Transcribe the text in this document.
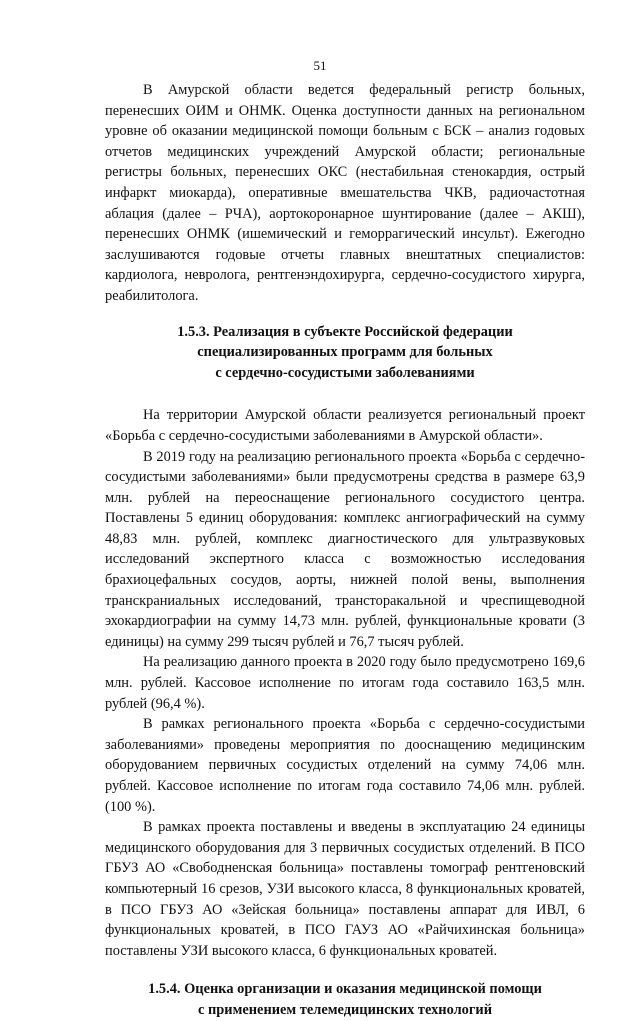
51

В Амурской области ведется федеральный регистр больных, перенесших ОИМ и ОНМК. Оценка доступности данных на региональном уровне об оказании медицинской помощи больным с БСК – анализ годовых отчетов медицинских учреждений Амурской области; региональные регистры больных, перенесших ОКС (нестабильная стенокардия, острый инфаркт миокарда), оперативные вмешательства ЧКВ, радиочастотная аблация (далее – РЧА), аортокоронарное шунтирование (далее – АКШ), перенесших ОНМК (ишемический и геморрагический инсульт). Ежегодно заслушиваются годовые отчеты главных внештатных специалистов: кардиолога, невролога, рентгенэндохирурга, сердечно-сосудистого хирурга, реабилитолога.

1.5.3. Реализация в субъекте Российской федерации
специализированных программ для больных
с сердечно-сосудистыми заболеваниями

На территории Амурской области реализуется региональный проект «Борьба с сердечно-сосудистыми заболеваниями в Амурской области».

В 2019 году на реализацию регионального проекта «Борьба с сердечно-сосудистыми заболеваниями» были предусмотрены средства в размере 63,9 млн. рублей на переоснащение регионального сосудистого центра. Поставлены 5 единиц оборудования: комплекс ангиографический на сумму 48,83 млн. рублей, комплекс диагностического для ультразвуковых исследований экспертного класса с возможностью исследования брахиоцефальных сосудов, аорты, нижней полой вены, выполнения транскраниальных исследований, трансторакальной и чреспищеводной эхокардиографии на сумму 14,73 млн. рублей, функциональные кровати (3 единицы) на сумму 299 тысяч рублей и 76,7 тысяч рублей.

На реализацию данного проекта в 2020 году было предусмотрено 169,6 млн. рублей. Кассовое исполнение по итогам года составило 163,5 млн. рублей (96,4 %).

В рамках регионального проекта «Борьба с сердечно-сосудистыми заболеваниями» проведены мероприятия по дооснащению медицинским оборудованием первичных сосудистых отделений на сумму 74,06 млн. рублей. Кассовое исполнение по итогам года составило 74,06 млн. рублей. (100 %).

В рамках проекта поставлены и введены в эксплуатацию 24 единицы медицинского оборудования для 3 первичных сосудистых отделений. В ПСО ГБУЗ АО «Свободненская больница» поставлены томограф рентгеновский компьютерный 16 срезов, УЗИ высокого класса, 8 функциональных кроватей, в ПСО ГБУЗ АО «Зейская больница» поставлены аппарат для ИВЛ, 6 функциональных кроватей, в ПСО ГАУЗ АО «Райчихинская больница» поставлены УЗИ высокого класса, 6 функциональных кроватей.

1.5.4. Оценка организации и оказания медицинской помощи
с применением телемедицинских технологий
